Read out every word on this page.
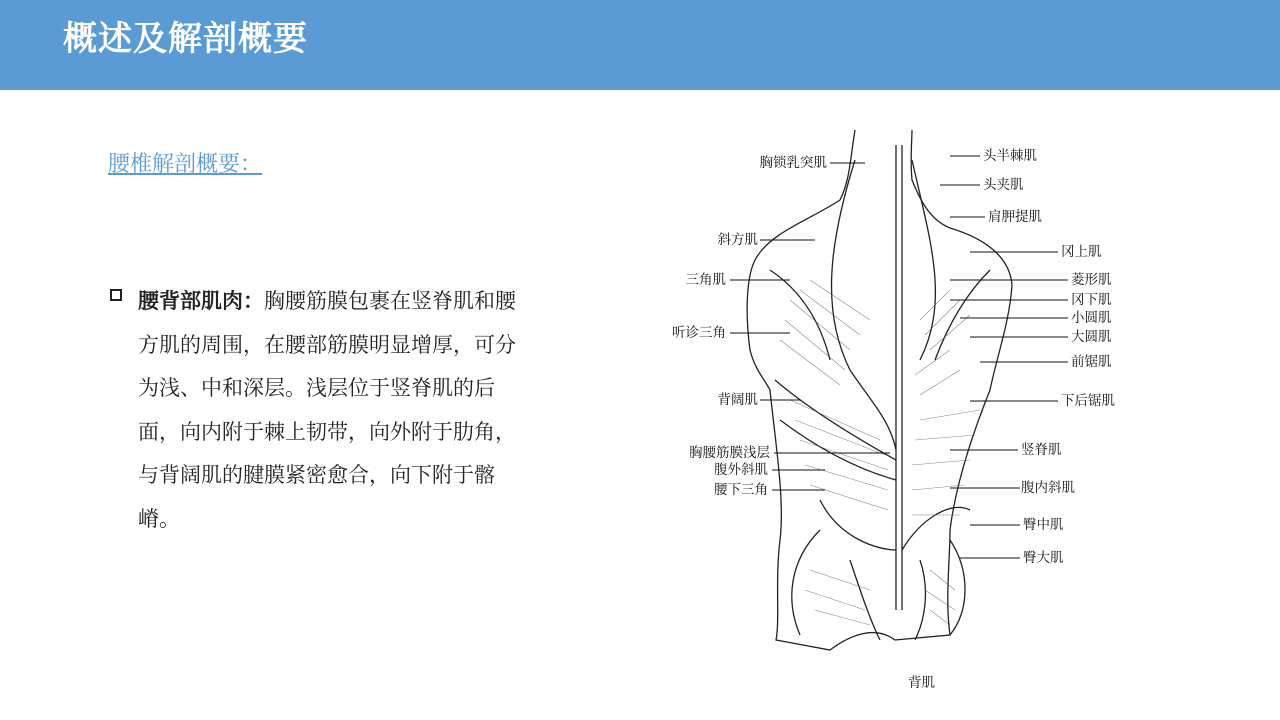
概述及解剖概要
腰椎解剖概要：
腰背部肌肉：胸腰筋膜包裹在竖脊肌和腰方肌的周围，在腰部筋膜明显增厚，可分为浅、中和深层。浅层位于竖脊肌的后面，向内附于棘上韧带，向外附于肋角，与背阔肌的腱膜紧密愈合，向下附于髂嵴。
胸锁乳突肌
斜方肌
三角肌
听诊三角
背阔肌
胸腰筋膜浅层
腹外斜肌
腰下三角
头半棘肌
头夹肌
肩胛提肌
冈上肌
菱形肌
冈下肌
小圆肌
大圆肌
前锯肌
下后锯肌
竖脊肌
腹内斜肌
臀中肌
臀大肌
背肌
